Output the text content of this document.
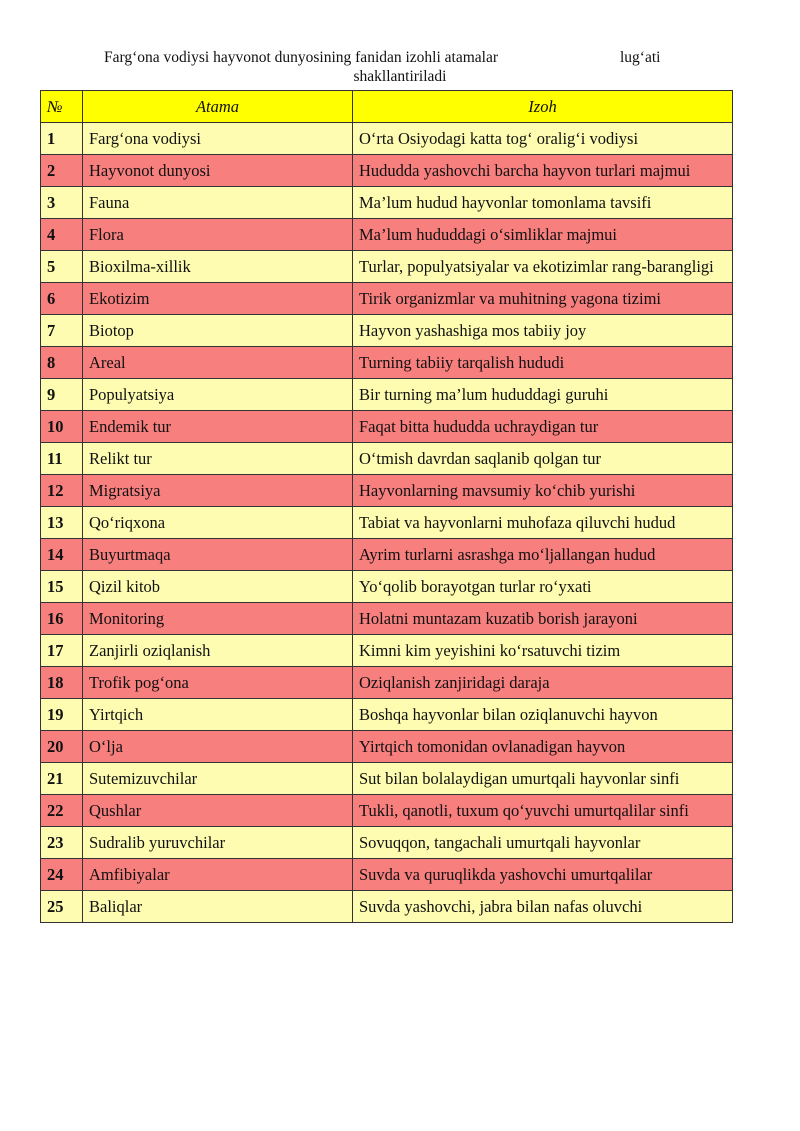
Farg‘ona vodiysi hayvonot dunyosining fanidan izohli atamalar	lug‘ati
shakllantiriladi
№	Atama	Izoh
1	Farg‘ona vodiysi	O‘rta Osiyodagi katta tog‘ oralig‘i vodiysi
2	Hayvonot dunyosi	Hududda yashovchi barcha hayvon turlari majmui
3	Fauna	Ma’lum hudud hayvonlar tomonlama tavsifi
4	Flora	Ma’lum hududdagi o‘simliklar majmui
5	Bioxilma-xillik	Turlar, populyatsiyalar va ekotizimlar rang-barangligi
6	Ekotizim	Tirik organizmlar va muhitning yagona tizimi
7	Biotop	Hayvon yashashiga mos tabiiy joy
8	Areal	Turning tabiiy tarqalish hududi
9	Populyatsiya	Bir turning ma’lum hududdagi guruhi
10	Endemik tur	Faqat bitta hududda uchraydigan tur
11	Relikt tur	O‘tmish davrdan saqlanib qolgan tur
12	Migratsiya	Hayvonlarning mavsumiy ko‘chib yurishi
13	Qo‘riqxona	Tabiat va hayvonlarni muhofaza qiluvchi hudud
14	Buyurtmaqa	Ayrim turlarni asrashga mo‘ljallangan hudud
15	Qizil kitob	Yo‘qolib borayotgan turlar ro‘yxati
16	Monitoring	Holatni muntazam kuzatib borish jarayoni
17	Zanjirli oziqlanish	Kimni kim yeyishini ko‘rsatuvchi tizim
18	Trofik pog‘ona	Oziqlanish zanjiridagi daraja
19	Yirtqich	Boshqa hayvonlar bilan oziqlanuvchi hayvon
20	O‘lja	Yirtqich tomonidan ovlanadigan hayvon
21	Sutemizuvchilar	Sut bilan bolalaydigan umurtqali hayvonlar sinfi
22	Qushlar	Tukli, qanotli, tuxum qo‘yuvchi umurtqalilar sinfi
23	Sudralib yuruvchilar	Sovuqqon, tangachali umurtqali hayvonlar
24	Amfibiyalar	Suvda va quruqlikda yashovchi umurtqalilar
25	Baliqlar	Suvda yashovchi, jabra bilan nafas oluvchi
